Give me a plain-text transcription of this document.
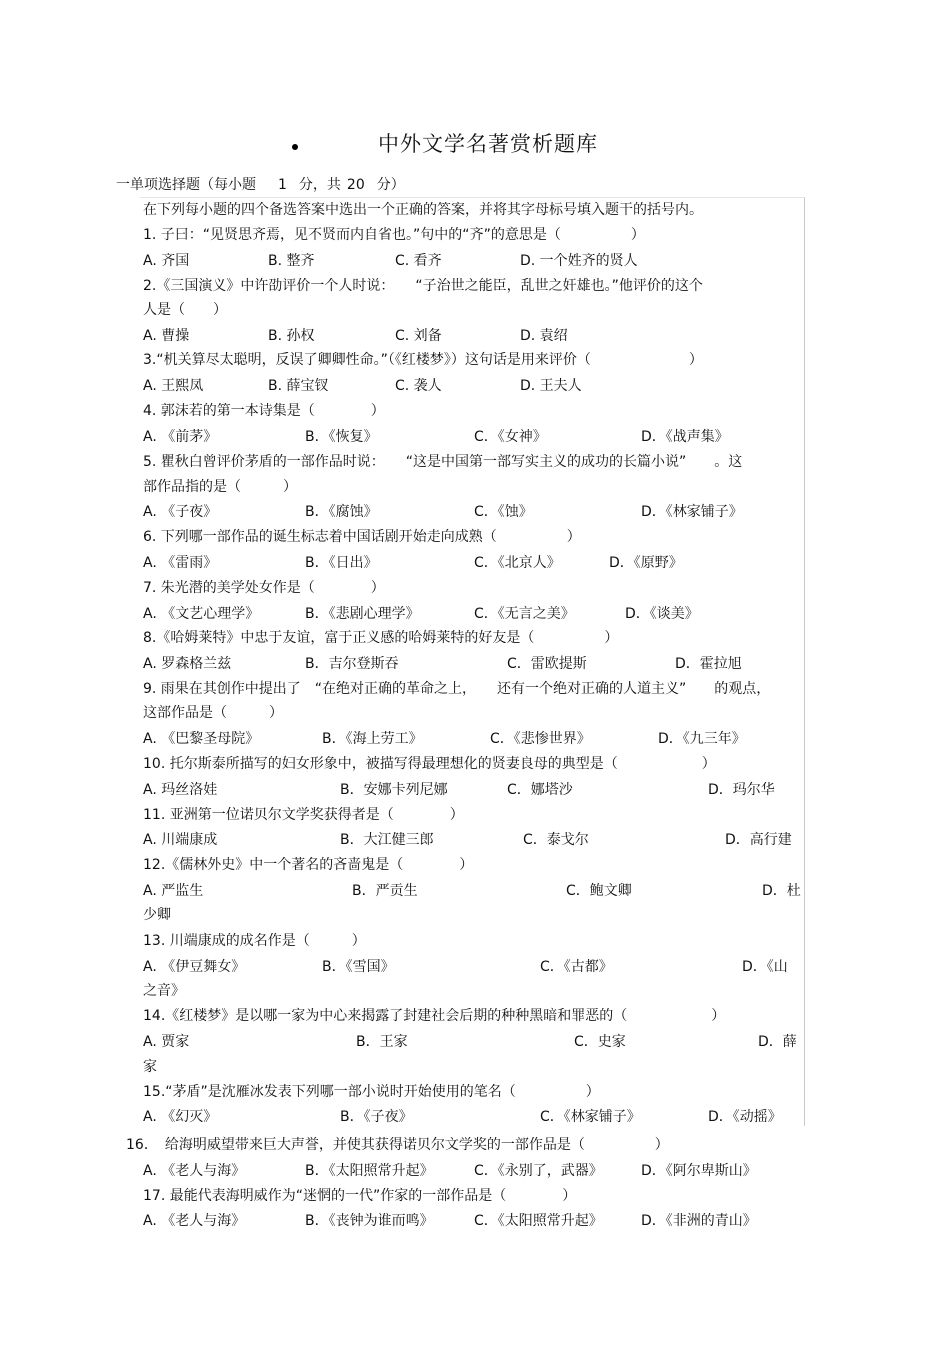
中外文学名著赏析题库
一单项选择题（每小题 1 分，共 20 分）
在下列每小题的四个备选答案中选出一个正确的答案，并将其字母标号填入题干的括号内。
1. 子曰：“见贤思齐焉，见不贤而内自省也。”句中的“齐”的意思是（　　　　　）
A. 齐国	B. 整齐	C. 看齐	D. 一个姓齐的贤人
2.《三国演义》中许劭评价一个人时说：　　“子治世之能臣，乱世之奸雄也。”他评价的这个
人是（　　）
A. 曹操	B. 孙权	C. 刘备	D. 袁绍
3.“机关算尽太聪明，反误了卿卿性命。”（《红楼梦》）这句话是用来评价（　　　　　　　）
A. 王熙凤	B. 薛宝钗	C. 袭人	D. 王夫人
4. 郭沫若的第一本诗集是（　　　　）
A. 《前茅》	B．《恢复》	C．《女神》	D．《战声集》
5. 瞿秋白曾评价茅盾的一部作品时说：　　“这是中国第一部写实主义的成功的长篇小说”　　。这
部作品指的是（　　　）
A. 《子夜》	B．《腐蚀》	C．《蚀》	D．《林家铺子》
6. 下列哪一部作品的诞生标志着中国话剧开始走向成熟（　　　　　）
A. 《雷雨》	B．《日出》	C．《北京人》	D．《原野》
7. 朱光潜的美学处女作是（　　　　）
A. 《文艺心理学》	B．《悲剧心理学》	C．《无言之美》	D．《谈美》
8.《哈姆莱特》中忠于友谊，富于正义感的哈姆莱特的好友是（　　　　　）
A. 罗森格兰兹	B．吉尔登斯吞	C．雷欧提斯	D．霍拉旭
9. 雨果在其创作中提出了　“在绝对正确的革命之上，　　还有一个绝对正确的人道主义”　　的观点，
这部作品是（　　　）
A. 《巴黎圣母院》	B．《海上劳工》	C．《悲惨世界》	D．《九三年》
10. 托尔斯泰所描写的妇女形象中，被描写得最理想化的贤妻良母的典型是（　　　　　　）
A. 玛丝洛娃	B．安娜卡列尼娜	C．娜塔沙	D．玛尔华
11. 亚洲第一位诺贝尔文学奖获得者是（　　　　）
A. 川端康成	B．大江健三郎	C．泰戈尔	D．高行建
12.《儒林外史》中一个著名的吝啬鬼是（　　　　）
A. 严监生	B．严贡生	C．鲍文卿	D．杜
少卿
13. 川端康成的成名作是（　　　）
A. 《伊豆舞女》	B．《雪国》	C．《古都》	D．《山
之音》
14.《红楼梦》是以哪一家为中心来揭露了封建社会后期的种种黑暗和罪恶的（　　　　　　）
A. 贾家	B．王家	C．史家	D．薛
家
15.“茅盾”是沈雁冰发表下列哪一部小说时开始使用的笔名（　　　　　）
A. 《幻灭》	B．《子夜》	C．《林家铺子》	D．《动摇》
16．　给海明威望带来巨大声誉，并使其获得诺贝尔文学奖的一部作品是（　　　　　）
A. 《老人与海》	B．《太阳照常升起》	C．《永别了，武器》	D．《阿尔卑斯山》
17. 最能代表海明威作为“迷惘的一代”作家的一部作品是（　　　　）
A. 《老人与海》	B．《丧钟为谁而鸣》	C．《太阳照常升起》	D．《非洲的青山》
